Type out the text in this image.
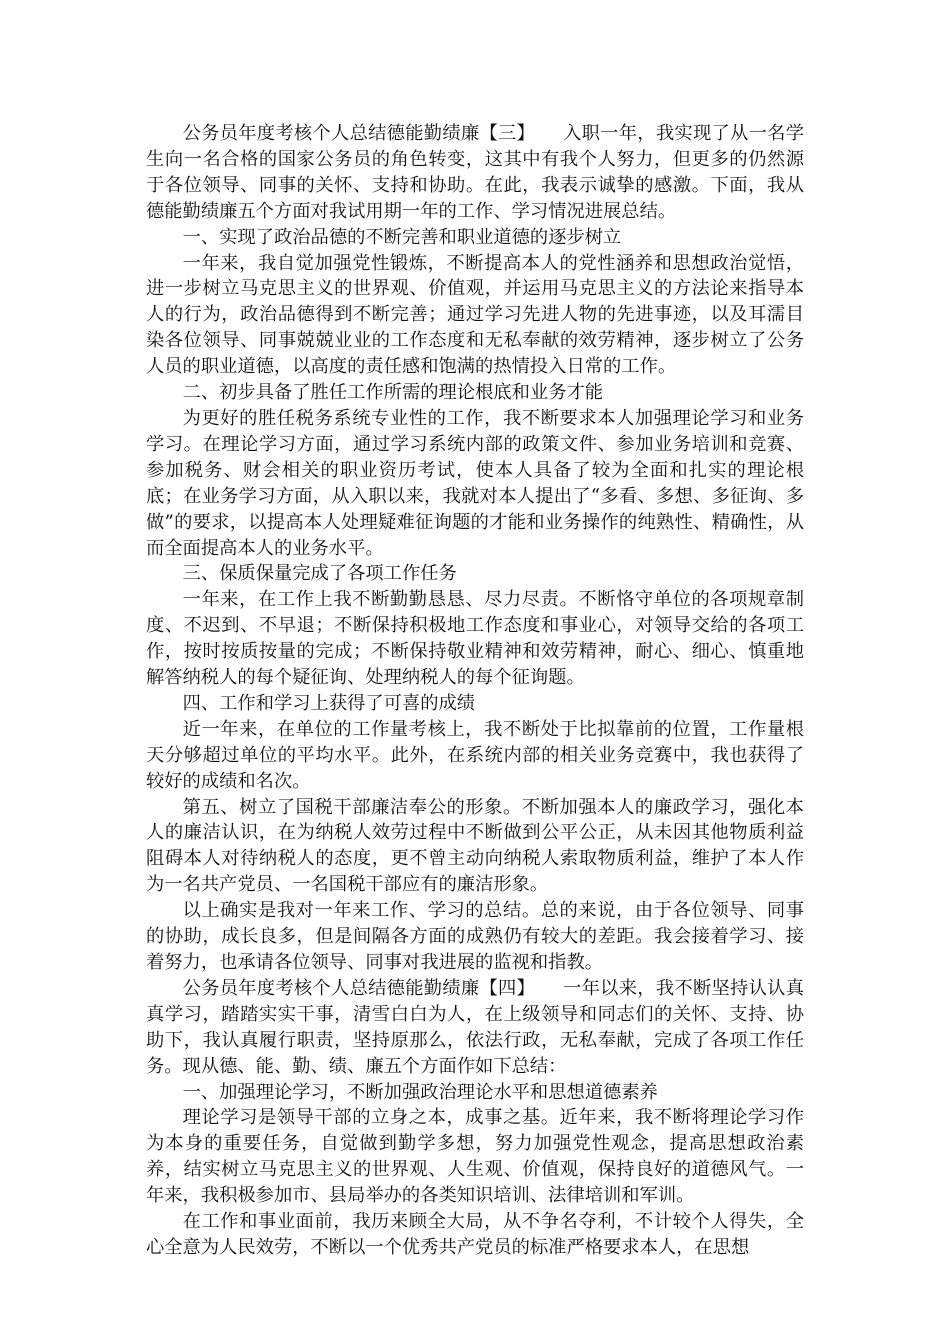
公务员年度考核个人总结德能勤绩廉【三】　　入职一年，我实现了从一名学生向一名合格的国家公务员的角色转变，这其中有我个人努力，但更多的仍然源于各位领导、同事的关怀、支持和协助。在此，我表示诚挚的感激。下面，我从德能勤绩廉五个方面对我试用期一年的工作、学习情况进展总结。

一、实现了政治品德的不断完善和职业道德的逐步树立

一年来，我自觉加强党性锻炼，不断提高本人的党性涵养和思想政治觉悟，进一步树立马克思主义的世界观、价值观，并运用马克思主义的方法论来指导本人的行为，政治品德得到不断完善；通过学习先进人物的先进事迹，以及耳濡目染各位领导、同事兢兢业业的工作态度和无私奉献的效劳精神，逐步树立了公务人员的职业道德，以高度的责任感和饱满的热情投入日常的工作。

二、初步具备了胜任工作所需的理论根底和业务才能

为更好的胜任税务系统专业性的工作，我不断要求本人加强理论学习和业务学习。在理论学习方面，通过学习系统内部的政策文件、参加业务培训和竞赛、参加税务、财会相关的职业资历考试，使本人具备了较为全面和扎实的理论根底；在业务学习方面，从入职以来，我就对本人提出了“多看、多想、多征询、多做”的要求，以提高本人处理疑难征询题的才能和业务操作的纯熟性、精确性，从而全面提高本人的业务水平。

三、保质保量完成了各项工作任务

一年来，在工作上我不断勤勤恳恳、尽力尽责。不断恪守单位的各项规章制度、不迟到、不早退；不断保持积极地工作态度和事业心，对领导交给的各项工作，按时按质按量的完成；不断保持敬业精神和效劳精神，耐心、细心、慎重地解答纳税人的每个疑征询、处理纳税人的每个征询题。

四、工作和学习上获得了可喜的成绩

近一年来，在单位的工作量考核上，我不断处于比拟靠前的位置，工作量根天分够超过单位的平均水平。此外，在系统内部的相关业务竞赛中，我也获得了较好的成绩和名次。

第五、树立了国税干部廉洁奉公的形象。不断加强本人的廉政学习，强化本人的廉洁认识，在为纳税人效劳过程中不断做到公平公正，从未因其他物质利益阻碍本人对待纳税人的态度，更不曾主动向纳税人索取物质利益，维护了本人作为一名共产党员、一名国税干部应有的廉洁形象。

以上确实是我对一年来工作、学习的总结。总的来说，由于各位领导、同事的协助，成长良多，但是间隔各方面的成熟仍有较大的差距。我会接着学习、接着努力，也承请各位领导、同事对我进展的监视和指教。

公务员年度考核个人总结德能勤绩廉【四】　　一年以来，我不断坚持认认真真学习，踏踏实实干事，清雪白白为人，在上级领导和同志们的关怀、支持、协助下，我认真履行职责，坚持原那么，依法行政，无私奉献，完成了各项工作任务。现从德、能、勤、绩、廉五个方面作如下总结：

一、加强理论学习，不断加强政治理论水平和思想道德素养

理论学习是领导干部的立身之本，成事之基。近年来，我不断将理论学习作为本身的重要任务，自觉做到勤学多想，努力加强党性观念，提高思想政治素养，结实树立马克思主义的世界观、人生观、价值观，保持良好的道德风气。一年来，我积极参加市、县局举办的各类知识培训、法律培训和军训。

在工作和事业面前，我历来顾全大局，从不争名夺利，不计较个人得失，全心全意为人民效劳，不断以一个优秀共产党员的标准严格要求本人，在思想
